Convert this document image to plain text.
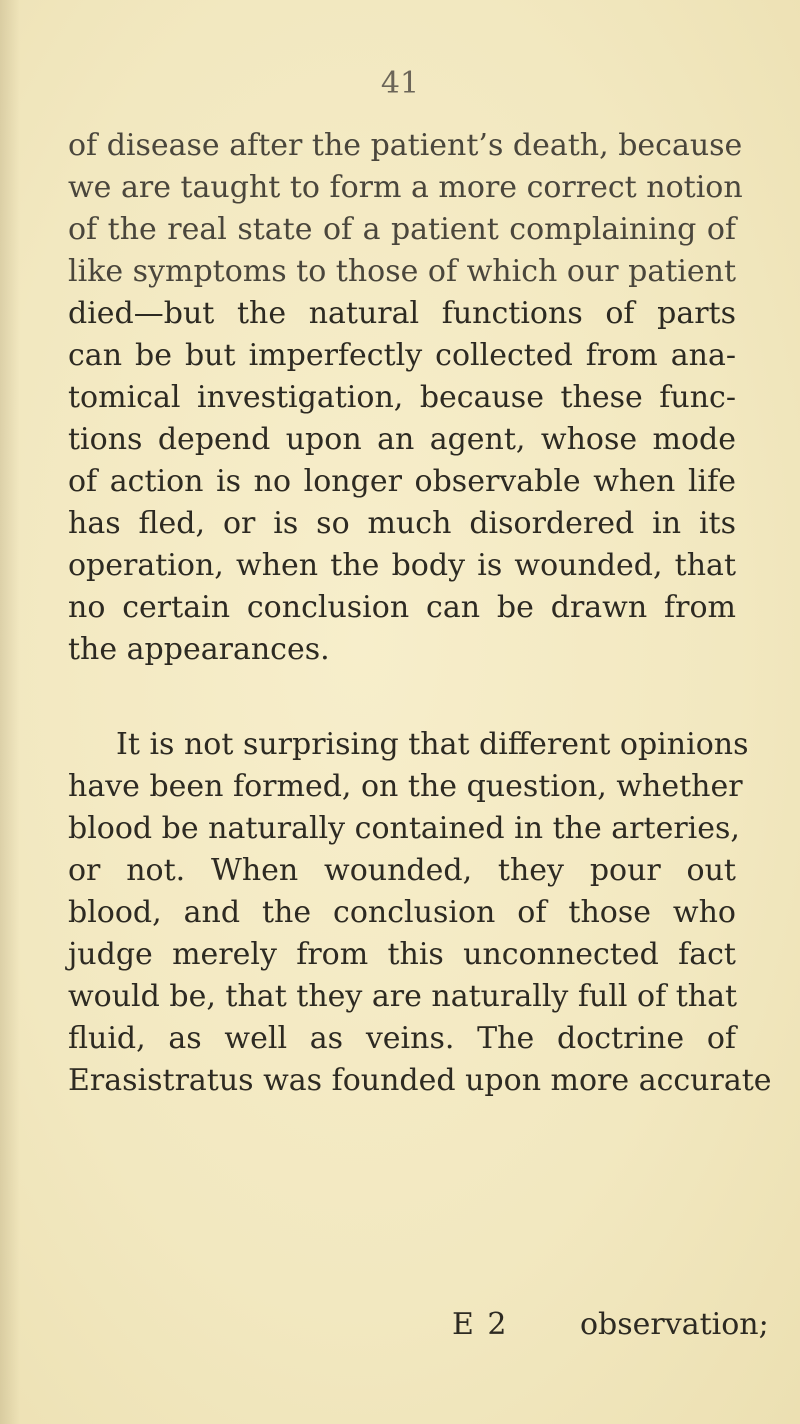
41
of disease after the patient’s death, because
we are taught to form a more correct notion
of the real state of a patient complaining of
like symptoms to those of which our patient
died—but the natural functions of parts
can be but imperfectly collected from ana-
tomical investigation, because these func-
tions depend upon an agent, whose mode
of action is no longer observable when life
has fled, or is so much disordered in its
operation, when the body is wounded, that
no certain conclusion can be drawn from
the appearances.
It is not surprising that different opinions
have been formed, on the question, whether
blood be naturally contained in the arteries,
or not. When wounded, they pour out
blood, and the conclusion of those who
judge merely from this unconnected fact
would be, that they are naturally full of that
fluid, as well as veins. The doctrine of
Erasistratus was founded upon more accurate
E 2 observation;
